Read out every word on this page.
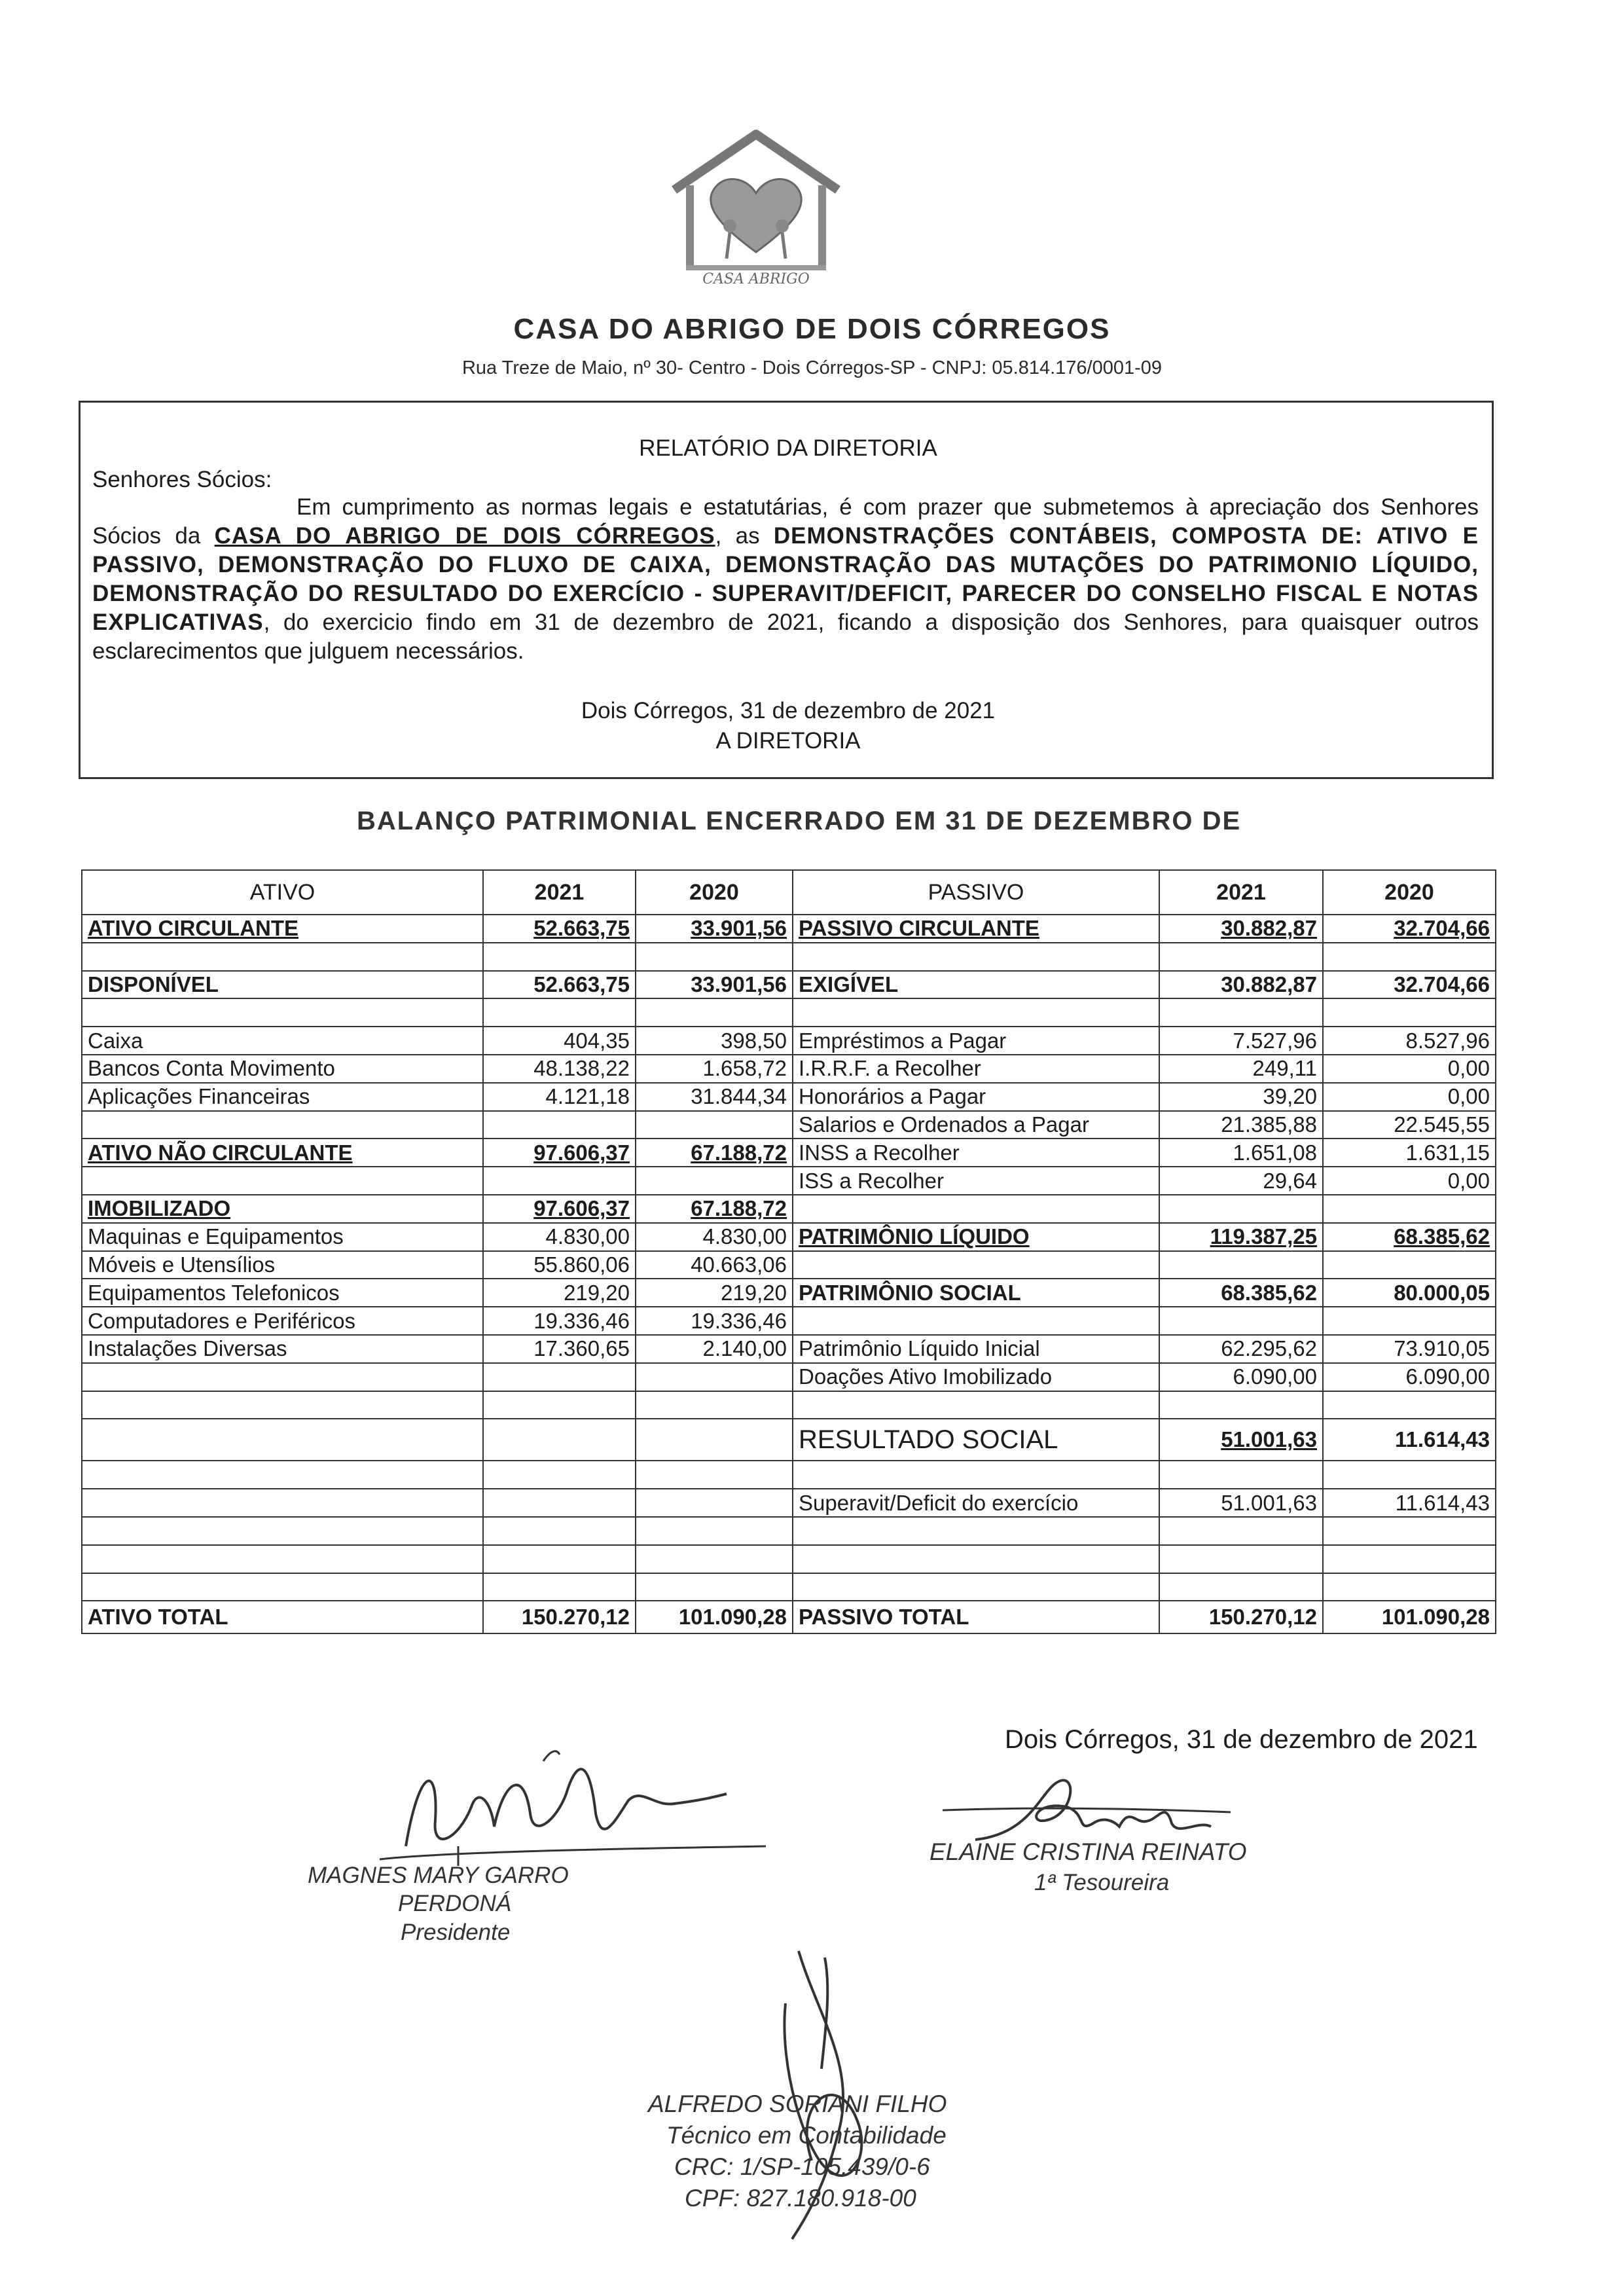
CASA ABRIGO
CASA DO ABRIGO DE DOIS CÓRREGOS
Rua Treze de Maio, nº 30- Centro - Dois Córregos-SP - CNPJ: 05.814.176/0001-09
RELATÓRIO DA DIRETORIA
Senhores Sócios:
Em cumprimento as normas legais e estatutárias, é com prazer que submetemos à apreciação dos Senhores Sócios da CASA DO ABRIGO DE DOIS CÓRREGOS, as DEMONSTRAÇÕES CONTÁBEIS, COMPOSTA DE: ATIVO E PASSIVO, DEMONSTRAÇÃO DO FLUXO DE CAIXA, DEMONSTRAÇÃO DAS MUTAÇÕES DO PATRIMONIO LÍQUIDO, DEMONSTRAÇÃO DO RESULTADO DO EXERCÍCIO - SUPERAVIT/DEFICIT, PARECER DO CONSELHO FISCAL E NOTAS EXPLICATIVAS, do exercicio findo em 31 de dezembro de 2021, ficando a disposição dos Senhores, para quaisquer outros esclarecimentos que julguem necessários.
Dois Córregos, 31 de dezembro de 2021
A DIRETORIA
BALANÇO PATRIMONIAL ENCERRADO EM 31 DE DEZEMBRO DE
ATIVO	2021	2020	PASSIVO	2021	2020
ATIVO CIRCULANTE	52.663,75	33.901,56	PASSIVO CIRCULANTE	30.882,87	32.704,66

DISPONÍVEL	52.663,75	33.901,56	EXIGÍVEL	30.882,87	32.704,66

Caixa	404,35	398,50	Empréstimos a Pagar	7.527,96	8.527,96
Bancos Conta Movimento	48.138,22	1.658,72	I.R.R.F. a Recolher	249,11	0,00
Aplicações Financeiras	4.121,18	31.844,34	Honorários a Pagar	39,20	0,00
			Salarios e Ordenados a Pagar	21.385,88	22.545,55
ATIVO NÃO CIRCULANTE	97.606,37	67.188,72	INSS a Recolher	1.651,08	1.631,15
			ISS a Recolher	29,64	0,00
IMOBILIZADO	97.606,37	67.188,72			
Maquinas e Equipamentos	4.830,00	4.830,00	PATRIMÔNIO LÍQUIDO	119.387,25	68.385,62
Móveis e Utensílios	55.860,06	40.663,06			
Equipamentos Telefonicos	219,20	219,20	PATRIMÔNIO SOCIAL	68.385,62	80.000,05
Computadores e Periféricos	19.336,46	19.336,46			
Instalações Diversas	17.360,65	2.140,00	Patrimônio Líquido Inicial	62.295,62	73.910,05
			Doações Ativo Imobilizado	6.090,00	6.090,00

			RESULTADO SOCIAL	51.001,63	11.614,43

			Superavit/Deficit do exercício	51.001,63	11.614,43

ATIVO TOTAL	150.270,12	101.090,28	PASSIVO TOTAL	150.270,12	101.090,28
Dois Córregos, 31 de dezembro de 2021
MAGNES MARY GARRO
PERDONÁ
Presidente
ELAINE CRISTINA REINATO
1ª Tesoureira
ALFREDO SORIANI FILHO
Técnico em Contabilidade
CRC: 1/SP-105.439/0-6
CPF: 827.180.918-00
